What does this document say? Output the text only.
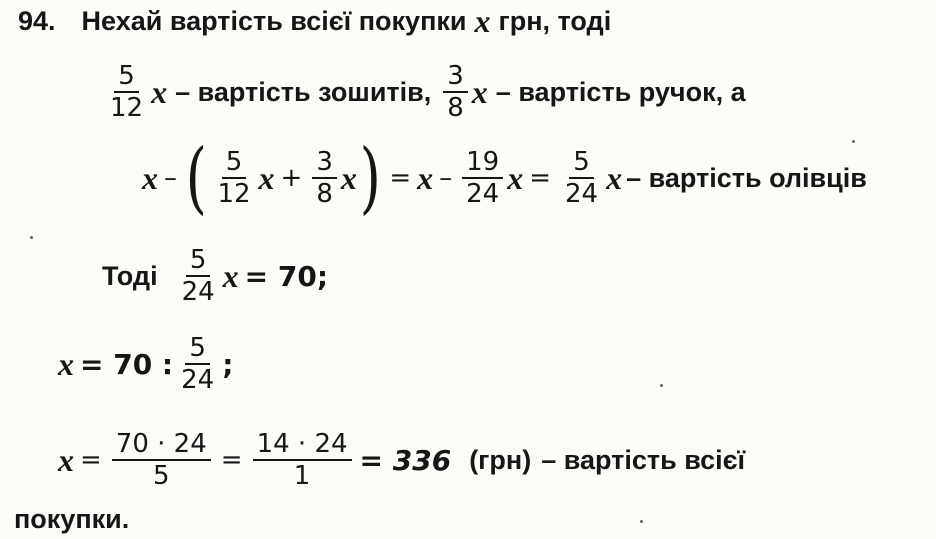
94. Нехай вартість всієї покупки x грн, тоді
$\frac{5}{12}$ x – вартість зошитів, $\frac{3}{8}$ x – вартість ручок, а
x – ( $\frac{5}{12}$ $x + \frac{3}{8}$ x ) = x – $\frac{19}{24}$ $x = \frac{5}{24}$ x – вартість олівців
Тоді $\frac{5}{24}$ x = 70;
x = 70 : $\frac{5}{24}$ ;
$x = \frac{70 \cdot 24}{5} = \frac{14 \cdot 24}{1} = 336$ (грн) – вартість всієї
покупки.
